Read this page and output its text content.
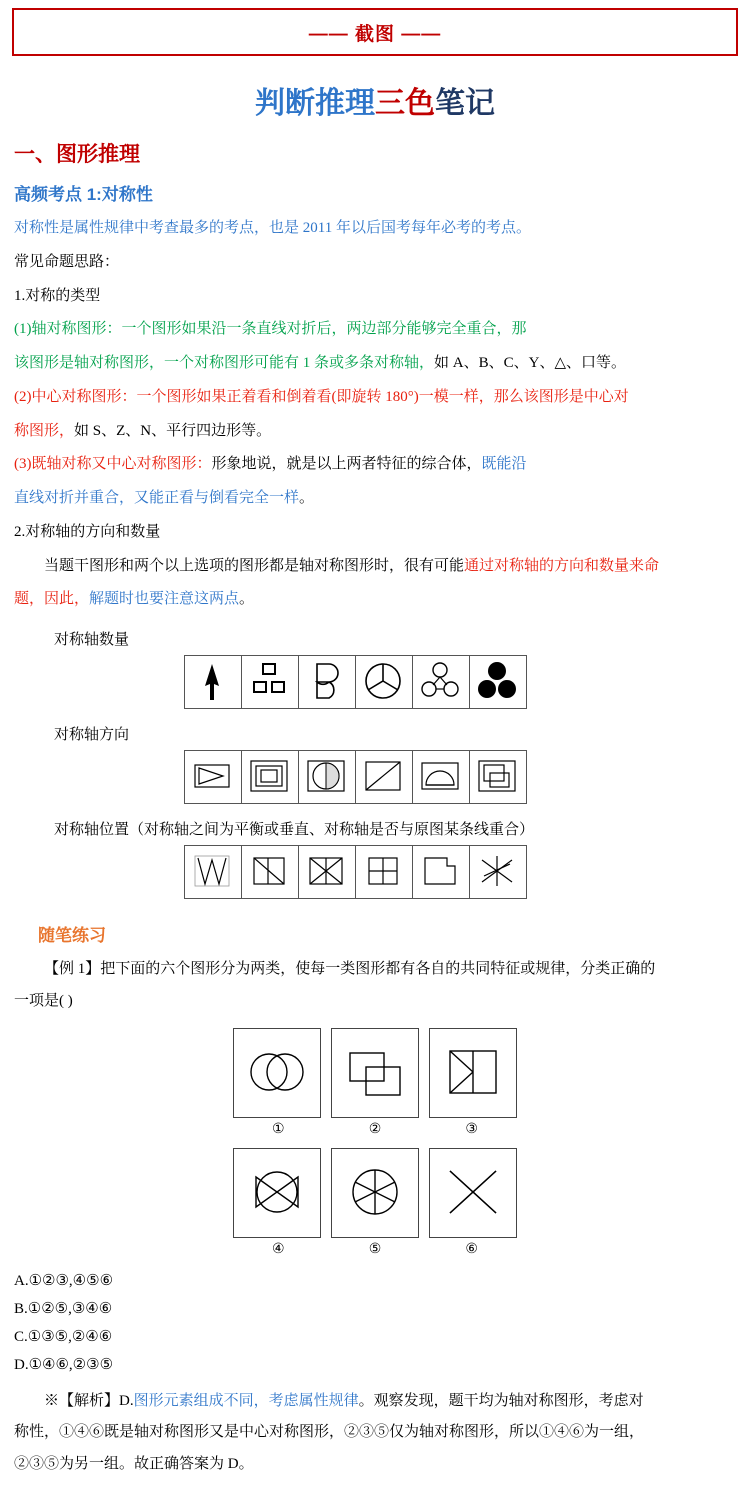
—— 截图 ——
判断推理三色笔记
一、图形推理
高频考点 1:对称性

对称性是属性规律中考查最多的考点，也是 2011 年以后国考每年必考的考点。

常见命题思路：

1.对称的类型

(1)轴对称图形：一个图形如果沿一条直线对折后，两边部分能够完全重合，那

该图形是轴对称图形，一个对称图形可能有 1 条或多条对称轴，如 A、B、C、Y、△、口等。

(2)中心对称图形：一个图形如果正着看和倒着看(即旋转 180°)一模一样，那么该图形是中心对

称图形，如 S、Z、N、平行四边形等。

(3)既轴对称又中心对称图形：形象地说，就是以上两者特征的综合体，既能沿

直线对折并重合，又能正看与倒看完全一样。

2.对称轴的方向和数量

当题干图形和两个以上选项的图形都是轴对称图形时，很有可能通过对称轴的方向和数量来命

题，因此，解题时也要注意这两点。

对称轴数量
对称轴方向
对称轴位置（对称轴之间为平衡或垂直、对称轴是否与原图某条线重合）
随笔练习

【例 1】把下面的六个图形分为两类，使每一类图形都有各自的共同特征或规律，分类正确的

一项是( )

①	②	③
④	⑤	⑥

A.①②③,④⑤⑥

B.①②⑤,③④⑥

C.①③⑤,②④⑥

D.①④⑥,②③⑤

※【解析】D.图形元素组成不同，考虑属性规律。观察发现，题干均为轴对称图形，考虑对

称性，①④⑥既是轴对称图形又是中心对称图形，②③⑤仅为轴对称图形，所以①④⑥为一组，

②③⑤为另一组。故正确答案为 D。
